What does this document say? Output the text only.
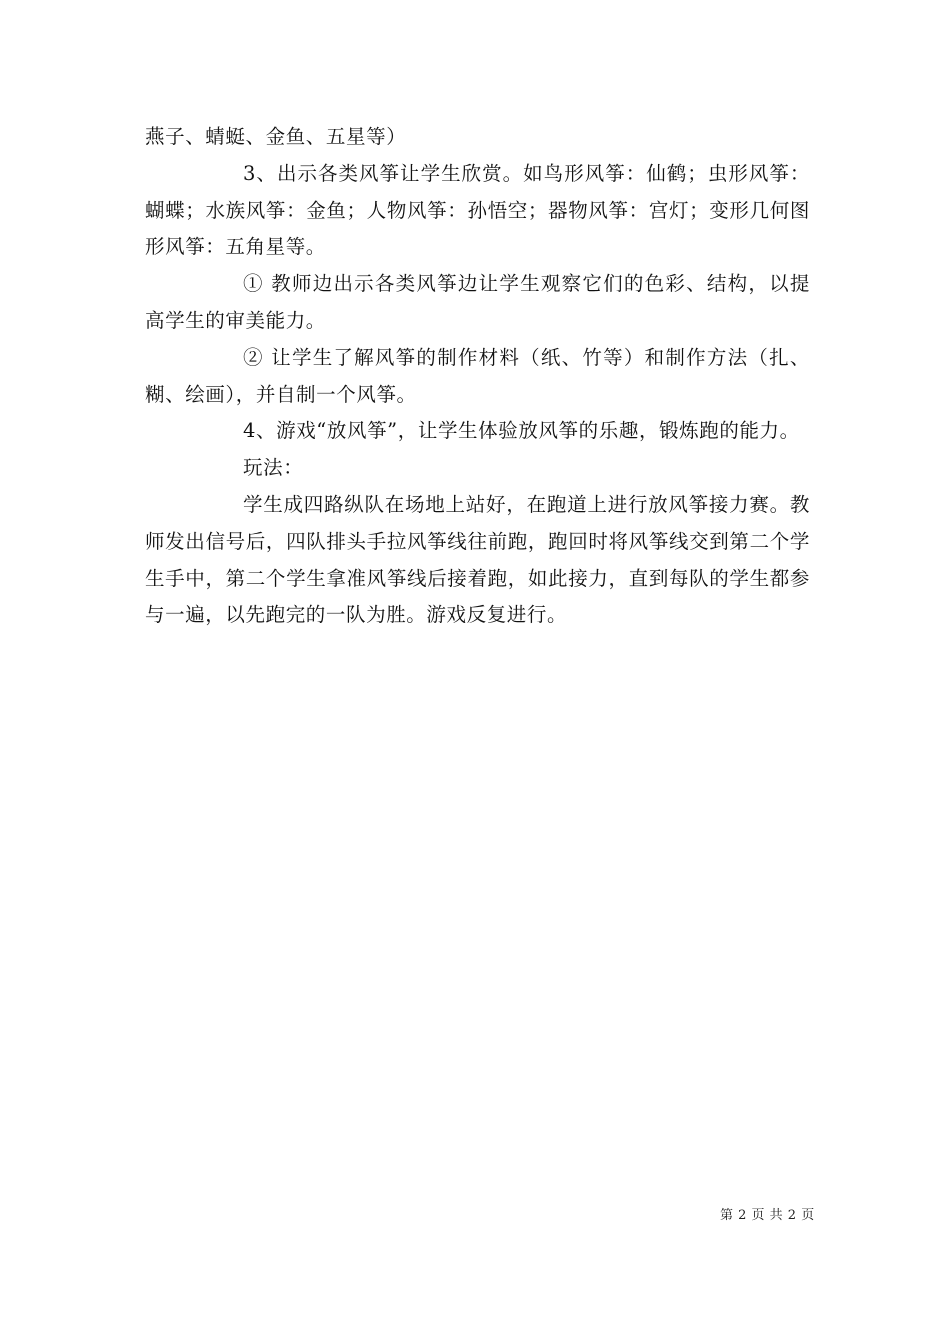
燕子、蜻蜓、金鱼、五星等）

3、出示各类风筝让学生欣赏。如鸟形风筝：仙鹤；虫形风筝：蝴蝶；水族风筝：金鱼；人物风筝：孙悟空；器物风筝：宫灯；变形几何图形风筝：五角星等。

① 教师边出示各类风筝边让学生观察它们的色彩、结构，以提高学生的审美能力。

② 让学生了解风筝的制作材料（纸、竹等）和制作方法（扎、糊、绘画），并自制一个风筝。

4、游戏“放风筝”，让学生体验放风筝的乐趣，锻炼跑的能力。

玩法：

学生成四路纵队在场地上站好，在跑道上进行放风筝接力赛。教师发出信号后，四队排头手拉风筝线往前跑，跑回时将风筝线交到第二个学生手中，第二个学生拿准风筝线后接着跑，如此接力，直到每队的学生都参与一遍，以先跑完的一队为胜。游戏反复进行。

第 2 页 共 2 页
